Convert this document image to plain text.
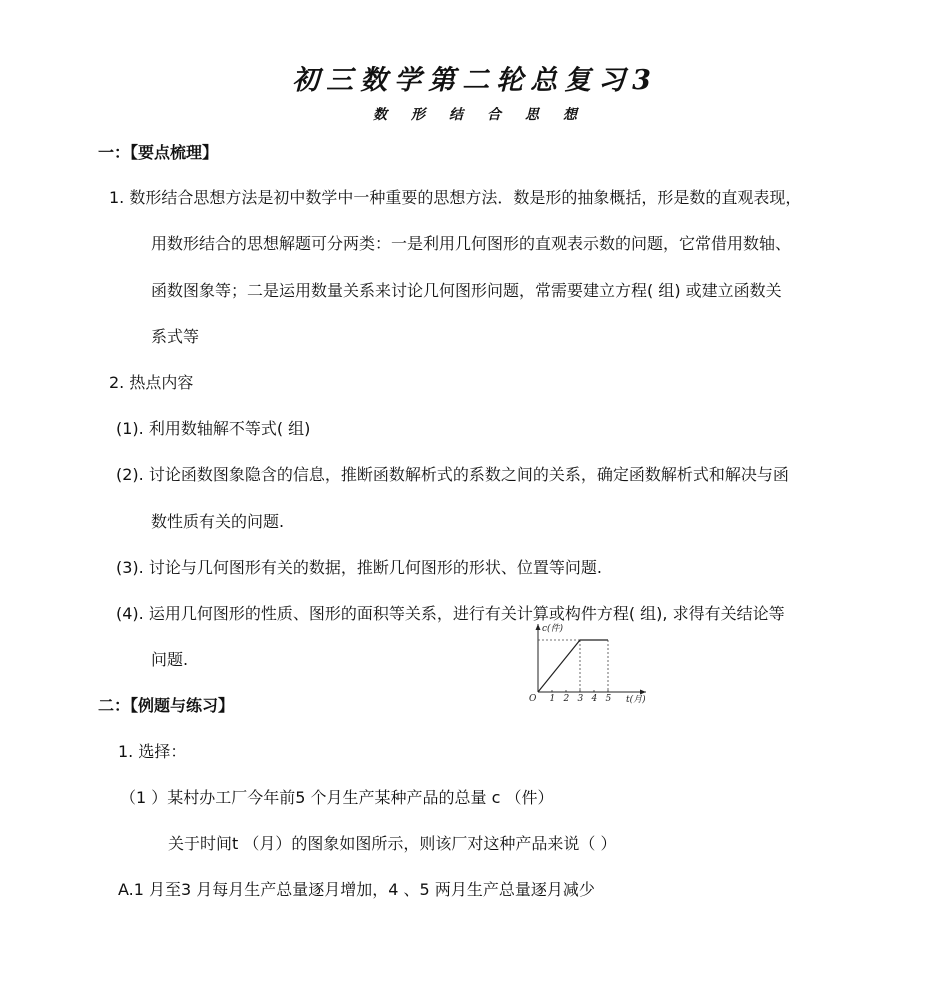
初三数学第二轮总复习3
数形结合思想
一：【要点梳理】
1. 数形结合思想方法是初中数学中一种重要的思想方法．数是形的抽象概括，形是数的直观表现，
用数形结合的思想解题可分两类：一是利用几何图形的直观表示数的问题，它常借用数轴、
函数图象等；二是运用数量关系来讨论几何图形问题，常需要建立方程( 组) 或建立函数关
系式等
2. 热点内容
(1). 利用数轴解不等式( 组)
(2). 讨论函数图象隐含的信息，推断函数解析式的系数之间的关系，确定函数解析式和解决与函
数性质有关的问题.
(3). 讨论与几何图形有关的数据，推断几何图形的形状、位置等问题.
(4). 运用几何图形的性质、图形的面积等关系，进行有关计算或构件方程( 组), 求得有关结论等
问题.
c(件)
t(月)
O 1 2 3 4 5
二：【例题与练习】
1. 选择：
（1 ）某村办工厂今年前5 个月生产某种产品的总量 c （件）
关于时间t （月）的图象如图所示，则该厂对这种产品来说（ ）
A.1 月至3 月每月生产总量逐月增加，4 、5 两月生产总量逐月减少
